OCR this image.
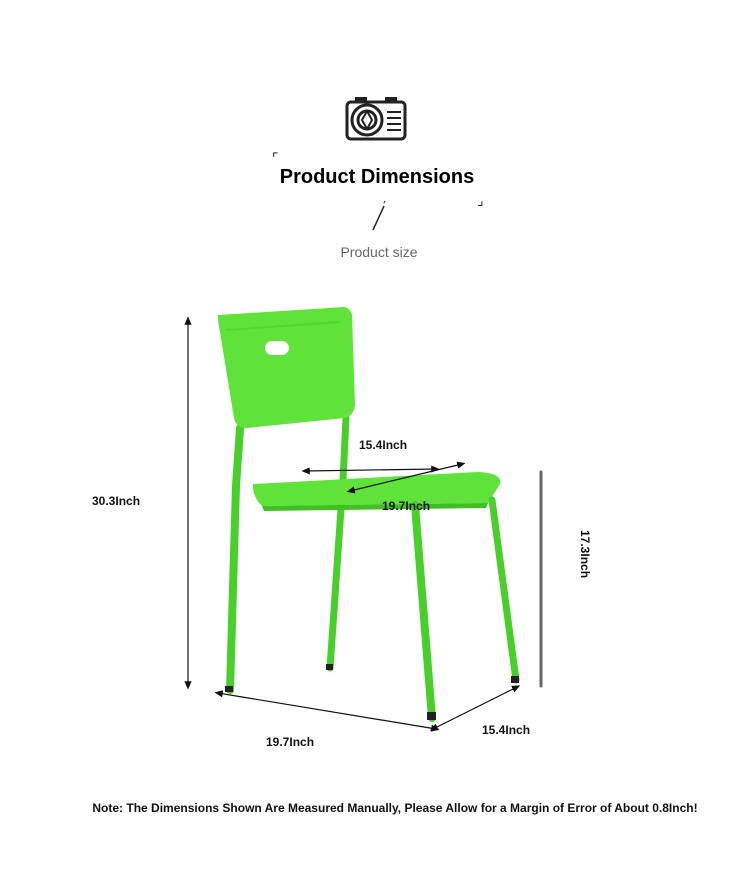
⌜
⌟
Product Dimensions
Product size
30.3Inch
15.4Inch
19.7Inch
17.3Inch
19.7Inch
15.4Inch
Note: The Dimensions Shown Are Measured Manually, Please Allow for a Margin of Error of About 0.8Inch!
